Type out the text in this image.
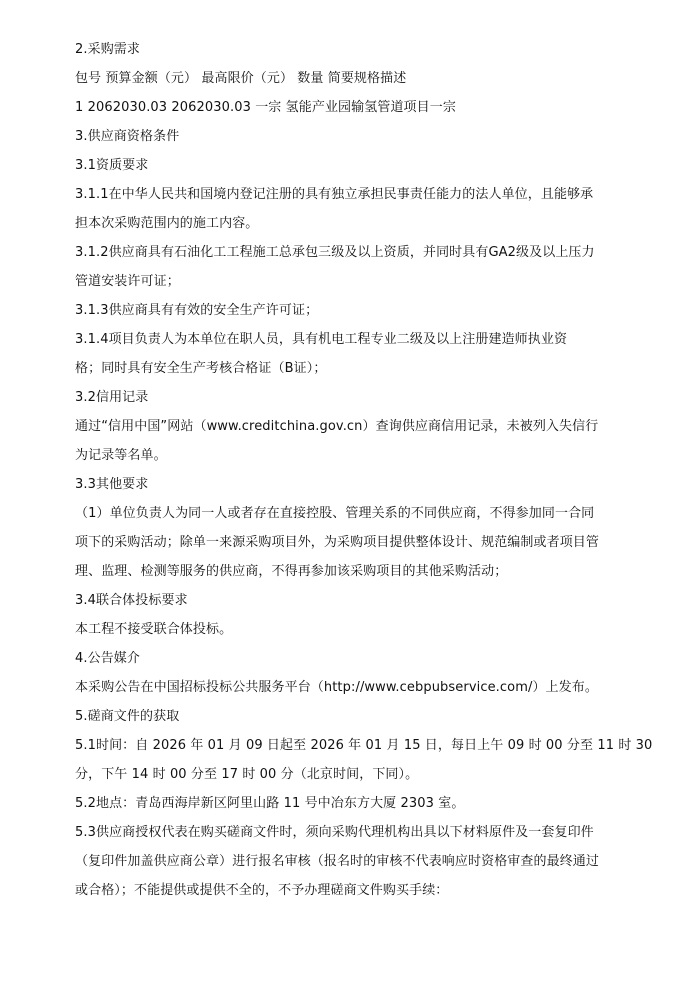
2.采购需求
包号 预算金额（元） 最高限价（元） 数量 简要规格描述
1 2062030.03 2062030.03 一宗 氢能产业园输氢管道项目一宗
3.供应商资格条件
3.1资质要求
3.1.1在中华人民共和国境内登记注册的具有独立承担民事责任能力的法人单位，且能够承
担本次采购范围内的施工内容。
3.1.2供应商具有石油化工工程施工总承包三级及以上资质，并同时具有GA2级及以上压力
管道安装许可证；
3.1.3供应商具有有效的安全生产许可证；
3.1.4项目负责人为本单位在职人员，具有机电工程专业二级及以上注册建造师执业资
格；同时具有安全生产考核合格证（B证）；
3.2信用记录
通过“信用中国”网站（www.creditchina.gov.cn）查询供应商信用记录，未被列入失信行
为记录等名单。
3.3其他要求
（1）单位负责人为同一人或者存在直接控股、管理关系的不同供应商，不得参加同一合同
项下的采购活动；除单一来源采购项目外，为采购项目提供整体设计、规范编制或者项目管
理、监理、检测等服务的供应商，不得再参加该采购项目的其他采购活动；
3.4联合体投标要求
本工程不接受联合体投标。
4.公告媒介
本采购公告在中国招标投标公共服务平台（http://www.cebpubservice.com/）上发布。
5.磋商文件的获取
5.1时间：自 2026 年 01 月 09 日起至 2026 年 01 月 15 日，每日上午 09 时 00 分至 11 时 30
分，下午 14 时 00 分至 17 时 00 分（北京时间，下同）。
5.2地点：青岛西海岸新区阿里山路 11 号中冶东方大厦 2303 室。
5.3供应商授权代表在购买磋商文件时，须向采购代理机构出具以下材料原件及一套复印件
（复印件加盖供应商公章）进行报名审核（报名时的审核不代表响应时资格审查的最终通过
或合格）；不能提供或提供不全的，不予办理磋商文件购买手续：
